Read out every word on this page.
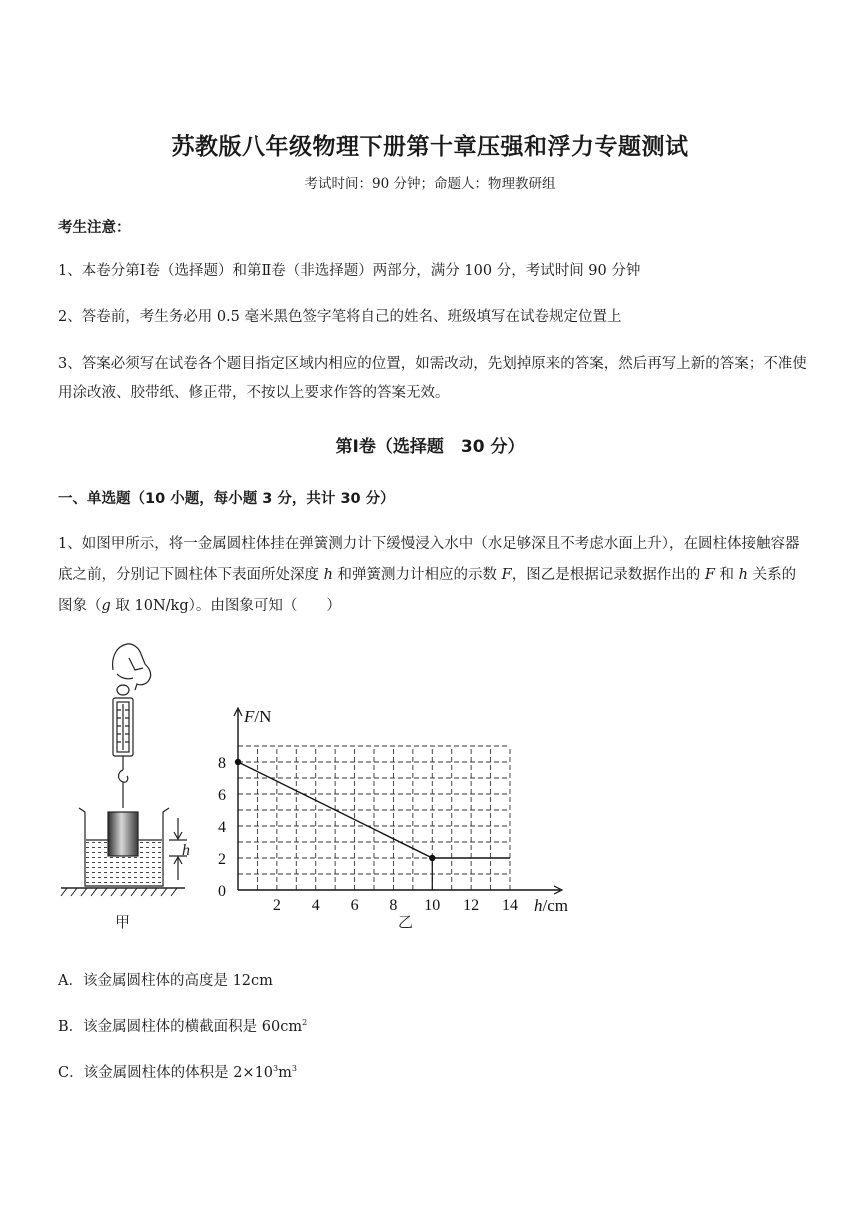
苏教版八年级物理下册第十章压强和浮力专题测试
考试时间：90 分钟；命题人：物理教研组
考生注意：
1、本卷分第Ⅰ卷（选择题）和第Ⅱ卷（非选择题）两部分，满分 100 分，考试时间 90 分钟
2、答卷前，考生务必用 0.5 毫米黑色签字笔将自己的姓名、班级填写在试卷规定位置上
3、答案必须写在试卷各个题目指定区域内相应的位置，如需改动，先划掉原来的答案，然后再写上新的答案；不准使用涂改液、胶带纸、修正带，不按以上要求作答的答案无效。
第Ⅰ卷（选择题　30 分）
一、单选题（10 小题，每小题 3 分，共计 30 分）
1、如图甲所示，将一金属圆柱体挂在弹簧测力计下缓慢浸入水中（水足够深且不考虑水面上升），在圆柱体接触容器底之前，分别记下圆柱体下表面所处深度 h 和弹簧测力计相应的示数 F，图乙是根据记录数据作出的 F 和 h 关系的图象（g 取 10N/kg）。由图象可知（　　）
h
甲
2 4 6 8 10 12 14
2
4
6
8
0
h/cm
F/N
乙
A．该金属圆柱体的高度是 12cm
B．该金属圆柱体的横截面积是 $60cm^2$
C．该金属圆柱体的体积是 $2\times 10^3m^3$
